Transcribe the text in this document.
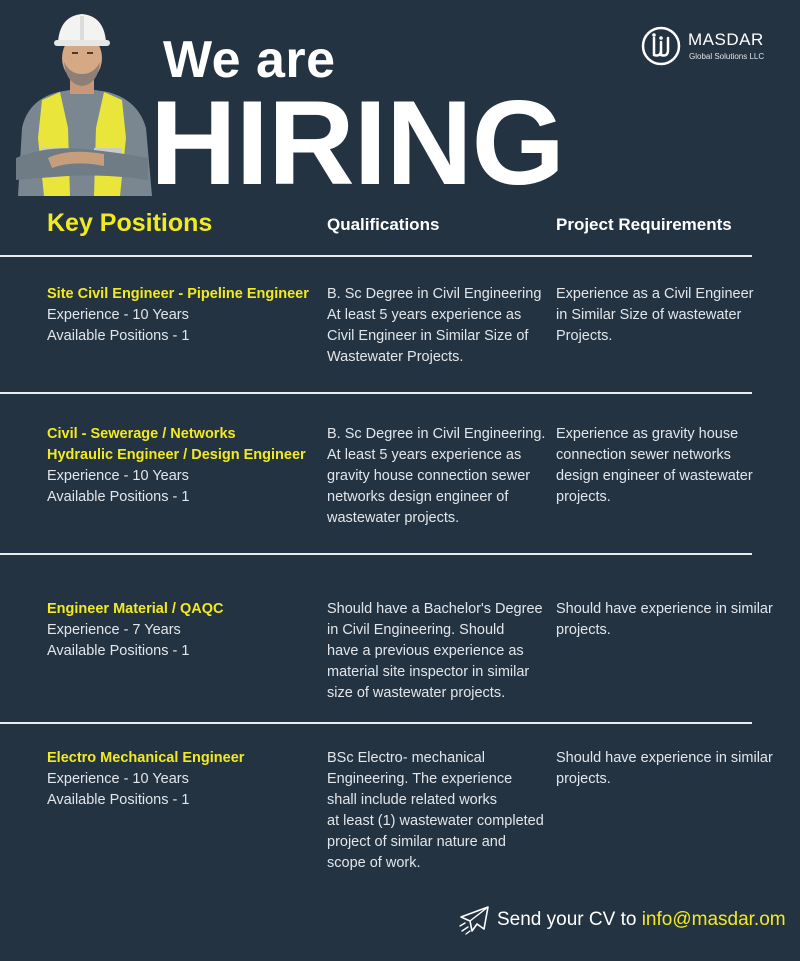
We are
HIRING
MASDAR
Global Solutions LLC
Key Positions	Qualifications	Project Requirements
Site Civil Engineer - Pipeline Engineer
Experience - 10 Years
Available Positions - 1
B. Sc Degree in Civil Engineering
At least 5 years experience as
Civil Engineer in Similar Size of
Wastewater Projects.
Experience as a Civil Engineer
in Similar Size of wastewater
Projects.
Civil - Sewerage / Networks
Hydraulic Engineer / Design Engineer
Experience - 10 Years
Available Positions - 1
B. Sc Degree in Civil Engineering.
At least 5 years experience as
gravity house connection sewer
networks design engineer of
wastewater projects.
Experience as gravity house
connection sewer networks
design engineer of wastewater
projects.
Engineer Material / QAQC
Experience - 7 Years
Available Positions - 1
Should have a Bachelor's Degree
in Civil Engineering. Should
have a previous experience as
material site inspector in similar
size of wastewater projects.
Should have experience in similar
projects.
Electro Mechanical Engineer
Experience - 10 Years
Available Positions - 1
BSc Electro- mechanical
Engineering. The experience
shall include related works
at least (1) wastewater completed
project of similar nature and
scope of work.
Should have experience in similar
projects.
Send your CV to info@masdar.om
